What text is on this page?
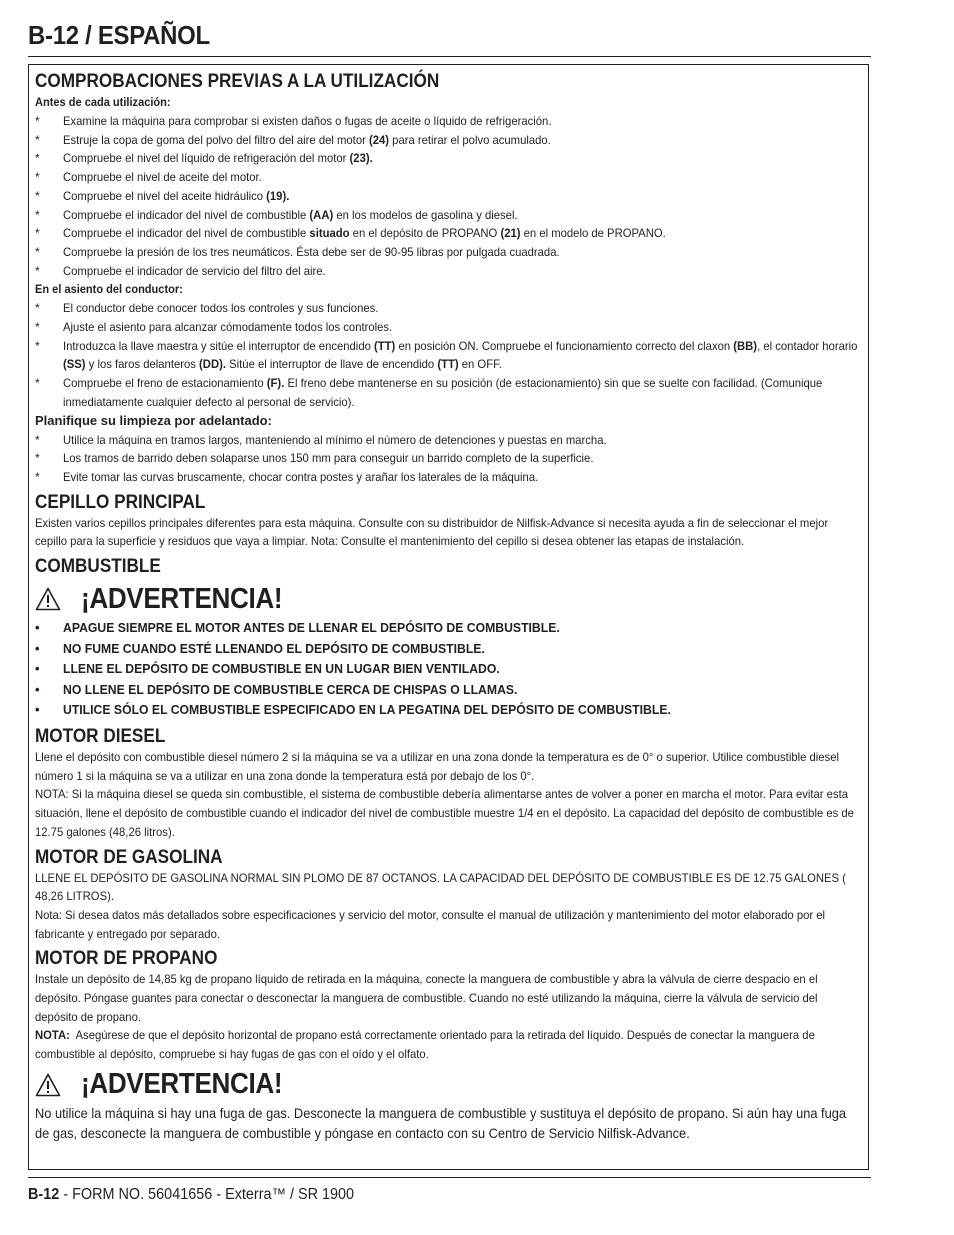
B-12 / ESPAÑOL
COMPROBACIONES PREVIAS A LA UTILIZACIÓN
Antes de cada utilización:
* Examine la máquina para comprobar si existen daños o fugas de aceite o líquido de refrigeración.
* Estruje la copa de goma del polvo del filtro del aire del motor (24) para retirar el polvo acumulado.
* Compruebe el nivel del líquido de refrigeración del motor (23).
* Compruebe el nivel de aceite del motor.
* Compruebe el nivel del aceite hidráulico (19).
* Compruebe el indicador del nivel de combustible (AA) en los modelos de gasolina y diesel.
* Compruebe el indicador del nivel de combustible situado en el depósito de PROPANO (21) en el modelo de PROPANO.
* Compruebe la presión de los tres neumáticos. Ésta debe ser de 90-95 libras por pulgada cuadrada.
* Compruebe el indicador de servicio del filtro del aire.
En el asiento del conductor:
* El conductor debe conocer todos los controles y sus funciones.
* Ajuste el asiento para alcanzar cómodamente todos los controles.
* Introduzca la llave maestra y sitúe el interruptor de encendido (TT) en posición ON. Compruebe el funcionamiento correcto del claxon (BB), el contador horario (SS) y los faros delanteros (DD). Sitúe el interruptor de llave de encendido (TT) en OFF.
* Compruebe el freno de estacionamiento (F). El freno debe mantenerse en su posición (de estacionamiento) sin que se suelte con facilidad. (Comunique inmediatamente cualquier defecto al personal de servicio).
Planifique su limpieza por adelantado:
* Utilice la máquina en tramos largos, manteniendo al mínimo el número de detenciones y puestas en marcha.
* Los tramos de barrido deben solaparse unos 150 mm para conseguir un barrido completo de la superficie.
* Evite tomar las curvas bruscamente, chocar contra postes y arañar los laterales de la máquina.
CEPILLO PRINCIPAL

Existen varios cepillos principales diferentes para esta máquina. Consulte con su distribuidor de Nilfisk-Advance si necesita ayuda a fin de seleccionar el mejor cepillo para la superficie y residuos que vaya a limpiar. Nota: Consulte el mantenimiento del cepillo si desea obtener las etapas de instalación.

COMBUSTIBLE
¡ADVERTENCIA!
• APAGUE SIEMPRE EL MOTOR ANTES DE LLENAR EL DEPÓSITO DE COMBUSTIBLE.
• NO FUME CUANDO ESTÉ LLENANDO EL DEPÓSITO DE COMBUSTIBLE.
• LLENE EL DEPÓSITO DE COMBUSTIBLE EN UN LUGAR BIEN VENTILADO.
• NO LLENE EL DEPÓSITO DE COMBUSTIBLE CERCA DE CHISPAS O LLAMAS.
• UTILICE SÓLO EL COMBUSTIBLE ESPECIFICADO EN LA PEGATINA DEL DEPÓSITO DE COMBUSTIBLE.
MOTOR DIESEL

Llene el depósito con combustible diesel número 2 si la máquina se va a utilizar en una zona donde la temperatura es de 0° o superior. Utilice combustible diesel número 1 si la máquina se va a utilizar en una zona donde la temperatura está por debajo de los 0°.

NOTA: Si la máquina diesel se queda sin combustible, el sistema de combustible debería alimentarse antes de volver a poner en marcha el motor. Para evitar esta situación, llene el depósito de combustible cuando el indicador del nivel de combustible muestre 1/4 en el depósito. La capacidad del depósito de combustible es de 12.75 galones (48,26 litros).

MOTOR DE GASOLINA

LLENE EL DEPÓSITO DE GASOLINA NORMAL SIN PLOMO DE 87 OCTANOS. LA CAPACIDAD DEL DEPÓSITO DE COMBUSTIBLE ES DE 12.75 GALONES ( 48,26 LITROS).

Nota: Si desea datos más detallados sobre especificaciones y servicio del motor, consulte el manual de utilización y mantenimiento del motor elaborado por el fabricante y entregado por separado.

MOTOR DE PROPANO

Instale un depósito de 14,85 kg de propano líquido de retirada en la máquina, conecte la manguera de combustible y abra la válvula de cierre despacio en el depósito. Póngase guantes para conectar o desconectar la manguera de combustible. Cuando no esté utilizando la máquina, cierre la válvula de servicio del depósito de propano.

NOTA: Asegúrese de que el depósito horizontal de propano está correctamente orientado para la retirada del líquido. Después de conectar la manguera de combustible al depósito, compruebe si hay fugas de gas con el oído y el olfato.

¡ADVERTENCIA!

No utilice la máquina si hay una fuga de gas. Desconecte la manguera de combustible y sustituya el depósito de propano. Si aún hay una fuga de gas, desconecte la manguera de combustible y póngase en contacto con su Centro de Servicio Nilfisk-Advance.

B-12 - FORM NO. 56041656 - Exterra™ / SR 1900
